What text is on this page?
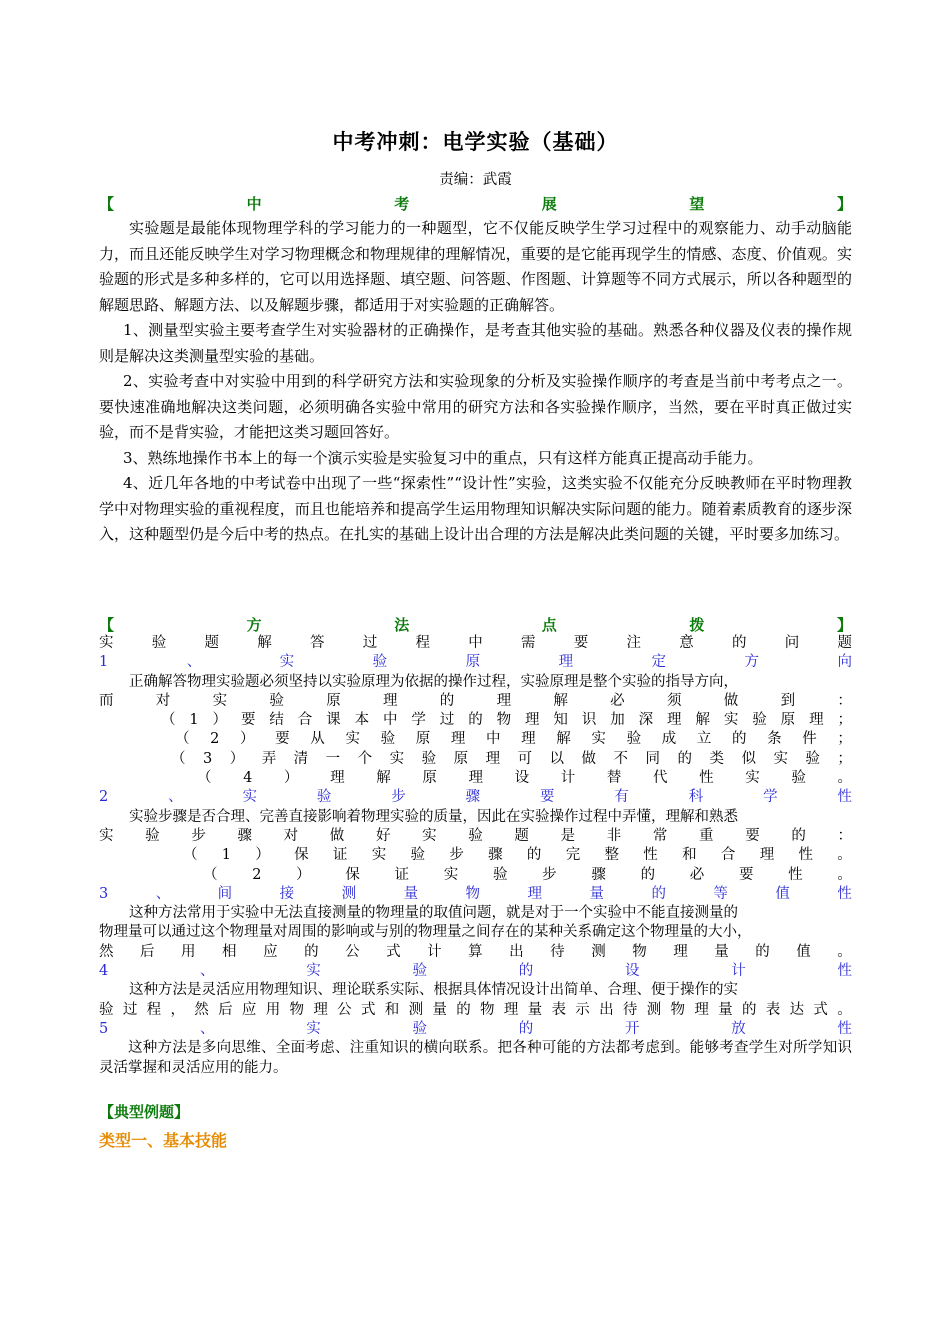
中考冲刺：电学实验（基础）
责编：武霞
【	中	考	展	望	】

实验题是最能体现物理学科的学习能力的一种题型，它不仅能反映学生学习过程中的观察能力、动手动脑能力，而且还能反映学生对学习物理概念和物理规律的理解情况，重要的是它能再现学生的情感、态度、价值观。实验题的形式是多种多样的，它可以用选择题、填空题、问答题、作图题、计算题等不同方式展示，所以各种题型的解题思路、解题方法、以及解题步骤，都适用于对实验题的正确解答。

1、测量型实验主要考查学生对实验器材的正确操作，是考查其他实验的基础。熟悉各种仪器及仪表的操作规则是解决这类测量型实验的基础。

2、实验考查中对实验中用到的科学研究方法和实验现象的分析及实验操作顺序的考查是当前中考考点之一。要快速准确地解决这类问题，必须明确各实验中常用的研究方法和各实验操作顺序，当然，要在平时真正做过实验，而不是背实验，才能把这类习题回答好。

3、熟练地操作书本上的每一个演示实验是实验复习中的重点，只有这样方能真正提高动手能力。

4、近几年各地的中考试卷中出现了一些“探索性”“设计性”实验，这类实验不仅能充分反映教师在平时物理教学中对物理实验的重视程度，而且也能培养和提高学生运用物理知识解决实际问题的能力。随着素质教育的逐步深入，这种题型仍是今后中考的热点。在扎实的基础上设计出合理的方法是解决此类问题的关键，平时要多加练习。

【	方	法	点	拨	】
实	验	题	解	答	过	程	中	需	要	注	意	的	问	题
1	、	实	验	原	理	定	方	向
正确解答物理实验题必须坚持以实验原理为依据的操作过程，实验原理是整个实验的指导方向，
而	对	实	验	原	理	的	理	解	必	须	做	到	：
（ 1 ） 要 结 合 课 本 中 学 过 的 物 理 知 识 加 深 理 解 实 验 原 理 ；
（ 2 ） 要 从 实 验 原 理 中 理 解 实 验 成 立 的 条 件 ；
（ 3 ） 弄 清 一 个 实 验 原 理 可 以 做 不 同 的 类 似 实 验 ；
（ 4 ） 理 解 原 理 设 计 替 代 性 实 验 。
2	、	实	验	步	骤	要	有	科	学	性
实验步骤是否合理、完善直接影响着物理实验的质量，因此在实验操作过程中弄懂，理解和熟悉
实 验 步 骤 对 做 好 实 验 题 是 非 常 重 要 的 ：
（ 1 ） 保 证 实 验 步 骤 的 完 整 性 和 合 理 性 。
（ 2 ） 保 证 实 验 步 骤 的 必 要 性 。
3	、	间	接	测	量	物	理	量	的	等	值	性
这种方法常用于实验中无法直接测量的物理量的取值问题，就是对于一个实验中不能直接测量的
物理量可以通过这个物理量对周围的影响或与别的物理量之间存在的某种关系确定这个物理量的大小，
然 后 用 相 应 的 公 式 计 算 出 待 测 物 理 量 的 值 。
4	、	实	验	的	设	计	性
这种方法是灵活应用物理知识、理论联系实际、根据具体情况设计出简单、合理、便于操作的实
验 过 程 ， 然 后 应 用 物 理 公 式 和 测 量 的 物 理 量 表 示 出 待 测 物 理 量 的 表 达 式 。
5	、	实	验	的	开	放	性

这种方法是多向思维、全面考虑、注重知识的横向联系。把各种可能的方法都考虑到。能够考查学生对所学知识灵活掌握和灵活应用的能力。

【典型例题】
类型一、基本技能
